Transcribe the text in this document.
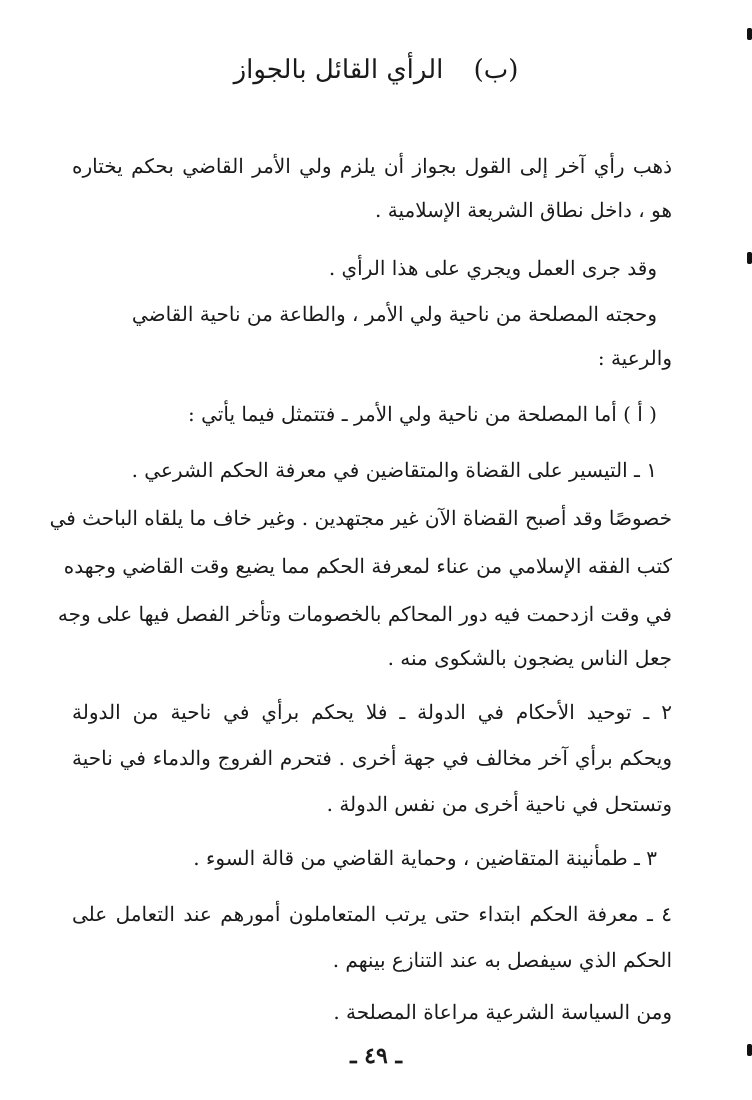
(ب) الرأي القائل بالجواز
ذهب رأي آخر إلى القول بجواز أن يلزم ولي الأمر القاضي بحكم يختاره
هو ، داخل نطاق الشريعة الإسلامية .
وقد جرى العمل ويجري على هذا الرأي .
وحجته المصلحة من ناحية ولي الأمر ، والطاعة من ناحية القاضي
والرعية :
( أ ) أما المصلحة من ناحية ولي الأمر ـ فتتمثل فيما يأتي :
١ ـ التيسير على القضاة والمتقاضين في معرفة الحكم الشرعي .
خصوصًا وقد أصبح القضاة الآن غير مجتهدين . وغير خاف ما يلقاه الباحث في
كتب الفقه الإسلامي من عناء لمعرفة الحكم مما يضيع وقت القاضي وجهده
في وقت ازدحمت فيه دور المحاكم بالخصومات وتأخر الفصل فيها على وجه
جعل الناس يضجون بالشكوى منه .
٢ ـ توحيد الأحكام في الدولة ـ فلا يحكم برأي في ناحية من الدولة
ويحكم برأي آخر مخالف في جهة أخرى . فتحرم الفروج والدماء في ناحية
وتستحل في ناحية أخرى من نفس الدولة .
٣ ـ طمأنينة المتقاضين ، وحماية القاضي من قالة السوء .
٤ ـ معرفة الحكم ابتداء حتى يرتب المتعاملون أمورهم عند التعامل على
الحكم الذي سيفصل به عند التنازع بينهم .
ومن السياسة الشرعية مراعاة المصلحة .
ـ ٤٩ ـ
